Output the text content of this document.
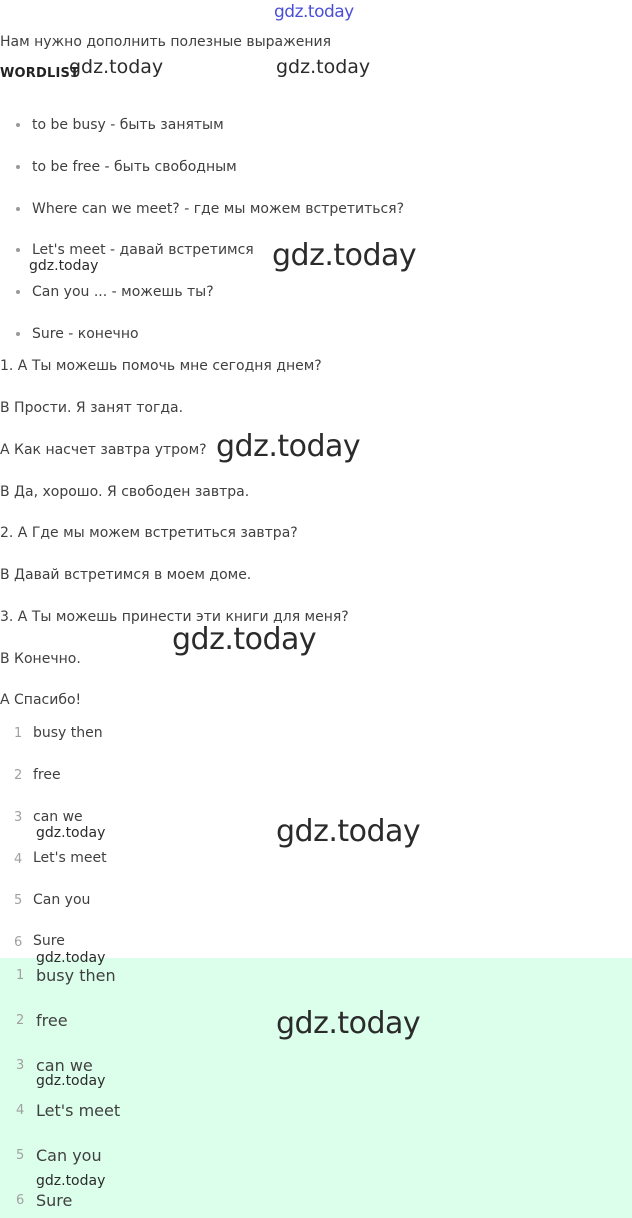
gdz.today
Нам нужно дополнить полезные выражения
WORDLIST
to be busy - быть занятым
to be free - быть свободным
Where can we meet? - где мы можем встретиться?
Let's meet - давай встретимся
Can you ... - можешь ты?
Sure - конечно
1. A Ты можешь помочь мне сегодня днем?
B Прости. Я занят тогда.
A Как насчет завтра утром?
B Да, хорошо. Я свободен завтра.
2. A Где мы можем встретиться завтра?
B Давай встретимся в моем доме.
3. A Ты можешь принести эти книги для меня?
B Конечно.
A Спасибо!
1 busy then
2 free
3 can we
4 Let's meet
5 Can you
6 Sure
1 busy then
2 free
3 can we
4 Let's meet
5 Can you
6 Sure
gdz.today	gdz.today
gdz.today
gdz.today
gdz.today
gdz.today
gdz.today	gdz.today
gdz.today
gdz.today
gdz.today
gdz.today
